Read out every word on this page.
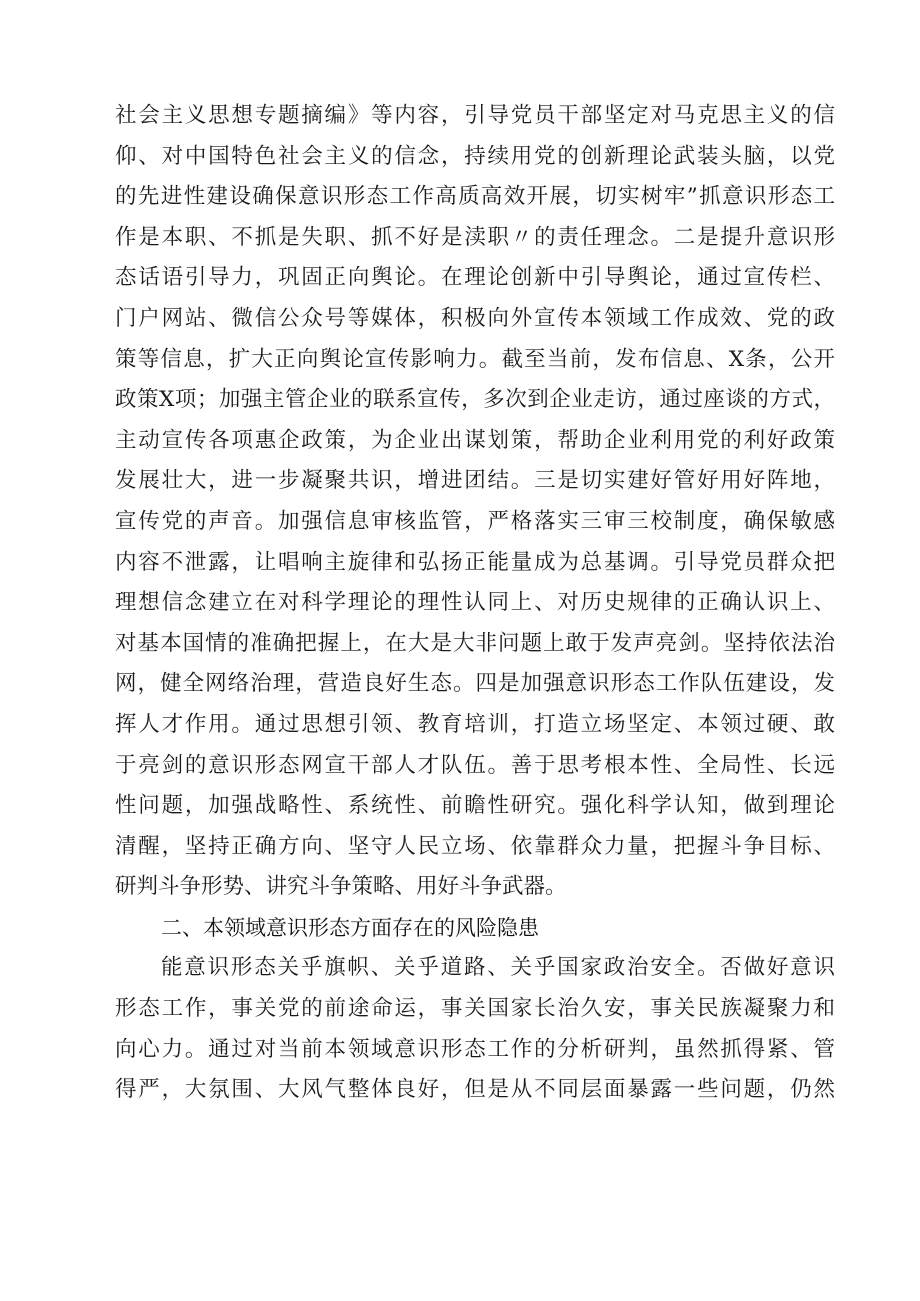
社会主义思想专题摘编》等内容，引导党员干部坚定对马克思主义的信
仰、对中国特色社会主义的信念，持续用党的创新理论武装头脑，以党
的先进性建设确保意识形态工作高质高效开展，切实树牢”抓意识形态工
作是本职、不抓是失职、抓不好是渎职〃的责任理念。二是提升意识形
态话语引导力，巩固正向舆论。在理论创新中引导舆论，通过宣传栏、
门户网站、微信公众号等媒体，积极向外宣传本领域工作成效、党的政
策等信息，扩大正向舆论宣传影响力。截至当前，发布信息、X条，公开
政策X项；加强主管企业的联系宣传，多次到企业走访，通过座谈的方式，
主动宣传各项惠企政策，为企业出谋划策，帮助企业利用党的利好政策
发展壮大，进一步凝聚共识，增进团结。三是切实建好管好用好阵地，
宣传党的声音。加强信息审核监管，严格落实三审三校制度，确保敏感
内容不泄露，让唱响主旋律和弘扬正能量成为总基调。引导党员群众把
理想信念建立在对科学理论的理性认同上、对历史规律的正确认识上、
对基本国情的准确把握上，在大是大非问题上敢于发声亮剑。坚持依法治
网，健全网络治理，营造良好生态。四是加强意识形态工作队伍建设，发
挥人才作用。通过思想引领、教育培训，打造立场坚定、本领过硬、敢
于亮剑的意识形态网宣干部人才队伍。善于思考根本性、全局性、长远
性问题，加强战略性、系统性、前瞻性研究。强化科学认知，做到理论
清醒，坚持正确方向、坚守人民立场、依靠群众力量，把握斗争目标、
研判斗争形势、讲究斗争策略、用好斗争武器。
二、本领域意识形态方面存在的风险隐患
能意识形态关乎旗帜、关乎道路、关乎国家政治安全。否做好意识
形态工作，事关党的前途命运，事关国家长治久安，事关民族凝聚力和
向心力。通过对当前本领域意识形态工作的分析研判，虽然抓得紧、管
得严，大氛围、大风气整体良好，但是从不同层面暴露一些问题，仍然
